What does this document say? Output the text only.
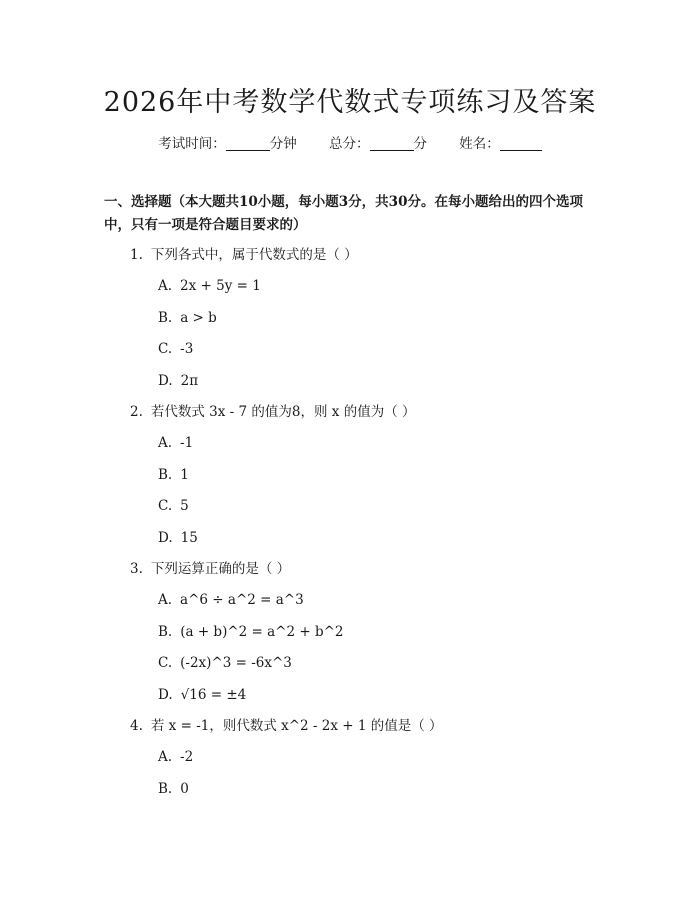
2026年中考数学代数式专项练习及答案
考试时间：	分钟 总分：	分 姓名：
一、选择题（本大题共10小题，每小题3分，共30分。在每小题给出的四个选项中，只有一项是符合题目要求的）
1. 下列各式中，属于代数式的是（ ）
A. 2x + 5y = 1
B. a > b
C. -3
D. 2π
2. 若代数式 3x - 7 的值为8，则 x 的值为（ ）
A. -1
B. 1
C. 5
D. 15
3. 下列运算正确的是（ ）
A. a^6 ÷ a^2 = a^3
B. (a + b)^2 = a^2 + b^2
C. (-2x)^3 = -6x^3
D. √16 = ±4
4. 若 x = -1，则代数式 x^2 - 2x + 1 的值是（ ）
A. -2
B. 0
